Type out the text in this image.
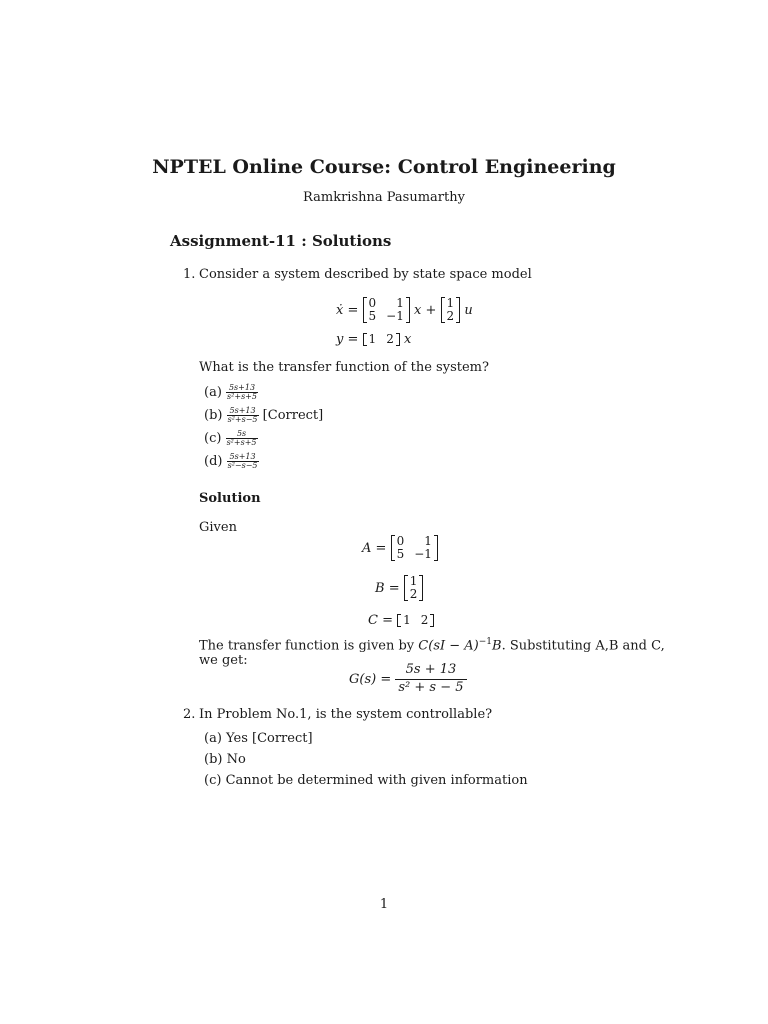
NPTEL Online Course: Control Engineering
Ramkrishna Pasumarthy
Assignment-11 : Solutions
1. Consider a system described by state space model
ẋ
=
0	1
5 −1
x
+
1
2
u
y
=
1 2
x
What is the transfer function of the system?
(a)
$\frac{5s+13}{\text{s²+s+5}}$
(b)
$\frac{5s+13}{\text{s²+s−5}}$
[Correct]
(c)
$\frac{5s}{\text{s²+s+5}}$
(d)
$\frac{5s+13}{\text{s²−s−5}}$
Solution
Given
A
=
0	1
5 −1
B
=
1
2
C
=
1 2
The transfer function is given by C(sI − A)$^{-1}$B. Substituting A,B and C,
we get:
G(s)
=
$\frac{5s + 13}{\text{s² + s − 5}}$
2. In Problem No.1, is the system controllable?
(a) Yes [Correct]
(b) No
(c) Cannot be determined with given information
1
